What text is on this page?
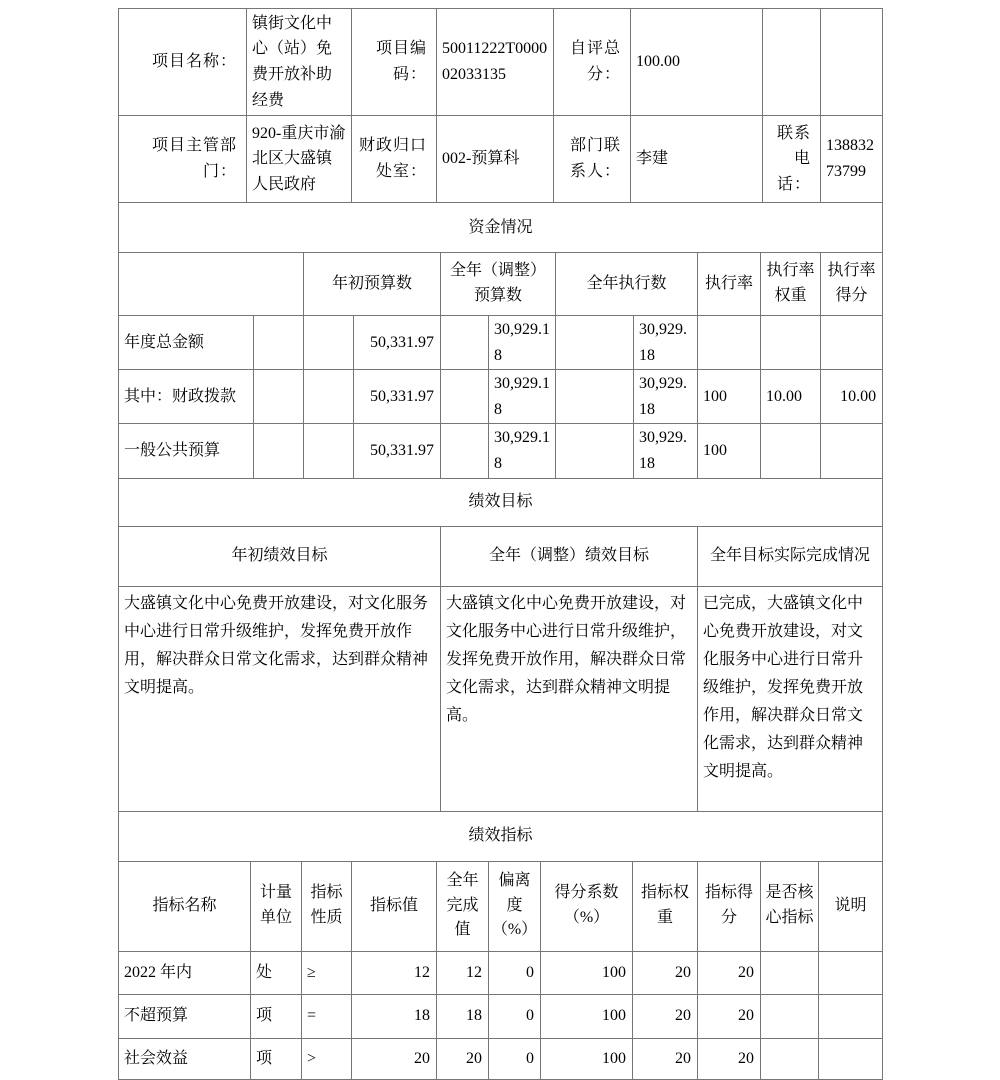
项目名称：	镇街文化中心（站）免费开放补助经费	项目编码：	50011222T000002033135	自评总分：	100.00		
项目主管部门：	920-重庆市渝北区大盛镇人民政府	财政归口处室：	002-预算科	部门联系人：	李建	联系电话：	13883273799
资金情况										
		年初预算数		全年（调整）预算数		全年执行数		执行率	执行率权重	执行率得分
年度总金额			50,331.97		30,929.18		30,929.18			
其中：财政拨款			50,331.97		30,929.18		30,929.18	100	10.00	10.00
一般公共预算			50,331.97		30,929.18		30,929.18	100		
绩效目标		
年初绩效目标	全年（调整）绩效目标	全年目标实际完成情况
大盛镇文化中心免费开放建设，对文化服务中心进行日常升级维护，发挥免费开放作用，解决群众日常文化需求，达到群众精神文明提高。	大盛镇文化中心免费开放建设，对文化服务中心进行日常升级维护，发挥免费开放作用，解决群众日常文化需求，达到群众精神文明提高。	已完成，大盛镇文化中心免费开放建设，对文化服务中心进行日常升级维护，发挥免费开放作用，解决群众日常文化需求，达到群众精神文明提高。
绩效指标										
指标名称	计量单位	指标性质	指标值	全年完成值	偏离度（%）	得分系数（%）	指标权重	指标得分	是否核心指标	说明
2022 年内	处	≥	12	12	0	100	20	20		
不超预算	项	=	18	18	0	100	20	20		
社会效益	项	>	20	20	0	100	20	20		
